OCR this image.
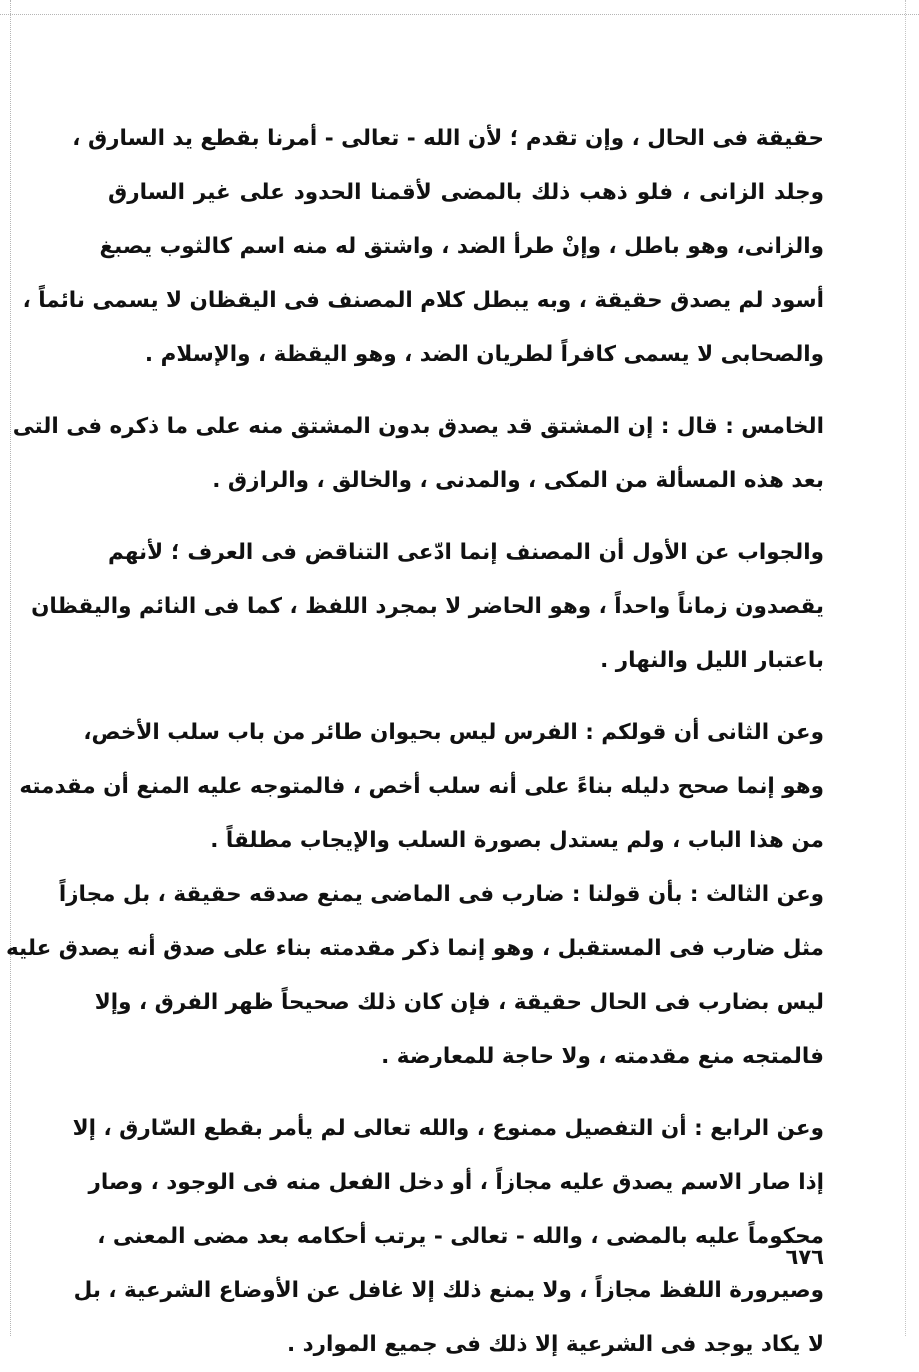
حقيقة فى الحال ، وإن تقدم ؛ لأن الله - تعالى - أمرنا بقطع يد السارق ،
وجلد الزانى ، فلو ذهب ذلك بالمضى لأقمنا الحدود على غير السارق
والزانى، وهو باطل ، وإنْ طرأ الضد ، واشتق له منه اسم كالثوب يصبغ
أسود لم يصدق حقيقة ، وبه يبطل كلام المصنف فى اليقظان لا يسمى نائماً ،
والصحابى لا يسمى كافراً لطريان الضد ، وهو اليقظة ، والإسلام .
الخامس : قال : إن المشتق قد يصدق بدون المشتق منه على ما ذكره فى التى
بعد هذه المسألة من المكى ، والمدنى ، والخالق ، والرازق .
والجواب عن الأول أن المصنف إنما ادّعى التناقض فى العرف ؛ لأنهم
يقصدون زماناً واحداً ، وهو الحاضر لا بمجرد اللفظ ، كما فى النائم واليقظان
باعتبار الليل والنهار .
وعن الثانى أن قولكم : الفرس ليس بحيوان طائر من باب سلب الأخص،
وهو إنما صحح دليله بناءً على أنه سلب أخص ، فالمتوجه عليه المنع أن مقدمته
من هذا الباب ، ولم يستدل بصورة السلب والإيجاب مطلقاً .
وعن الثالث : بأن قولنا : ضارب فى الماضى يمنع صدقه حقيقة ، بل مجازاً
مثل ضارب فى المستقبل ، وهو إنما ذكر مقدمته بناء على صدق أنه يصدق عليه
ليس بضارب فى الحال حقيقة ، فإن كان ذلك صحيحاً ظهر الفرق ، وإلا
فالمتجه منع مقدمته ، ولا حاجة للمعارضة .
وعن الرابع : أن التفصيل ممنوع ، والله تعالى لم يأمر بقطع السّارق ، إلا
إذا صار الاسم يصدق عليه مجازاً ، أو دخل الفعل منه فى الوجود ، وصار
محكوماً عليه بالمضى ، والله - تعالى - يرتب أحكامه بعد مضى المعنى ،
وصيرورة اللفظ مجازاً ، ولا يمنع ذلك إلا غافل عن الأوضاع الشرعية ، بل
لا يكاد يوجد فى الشرعية إلا ذلك فى جميع الموارد .
٦٧٦
